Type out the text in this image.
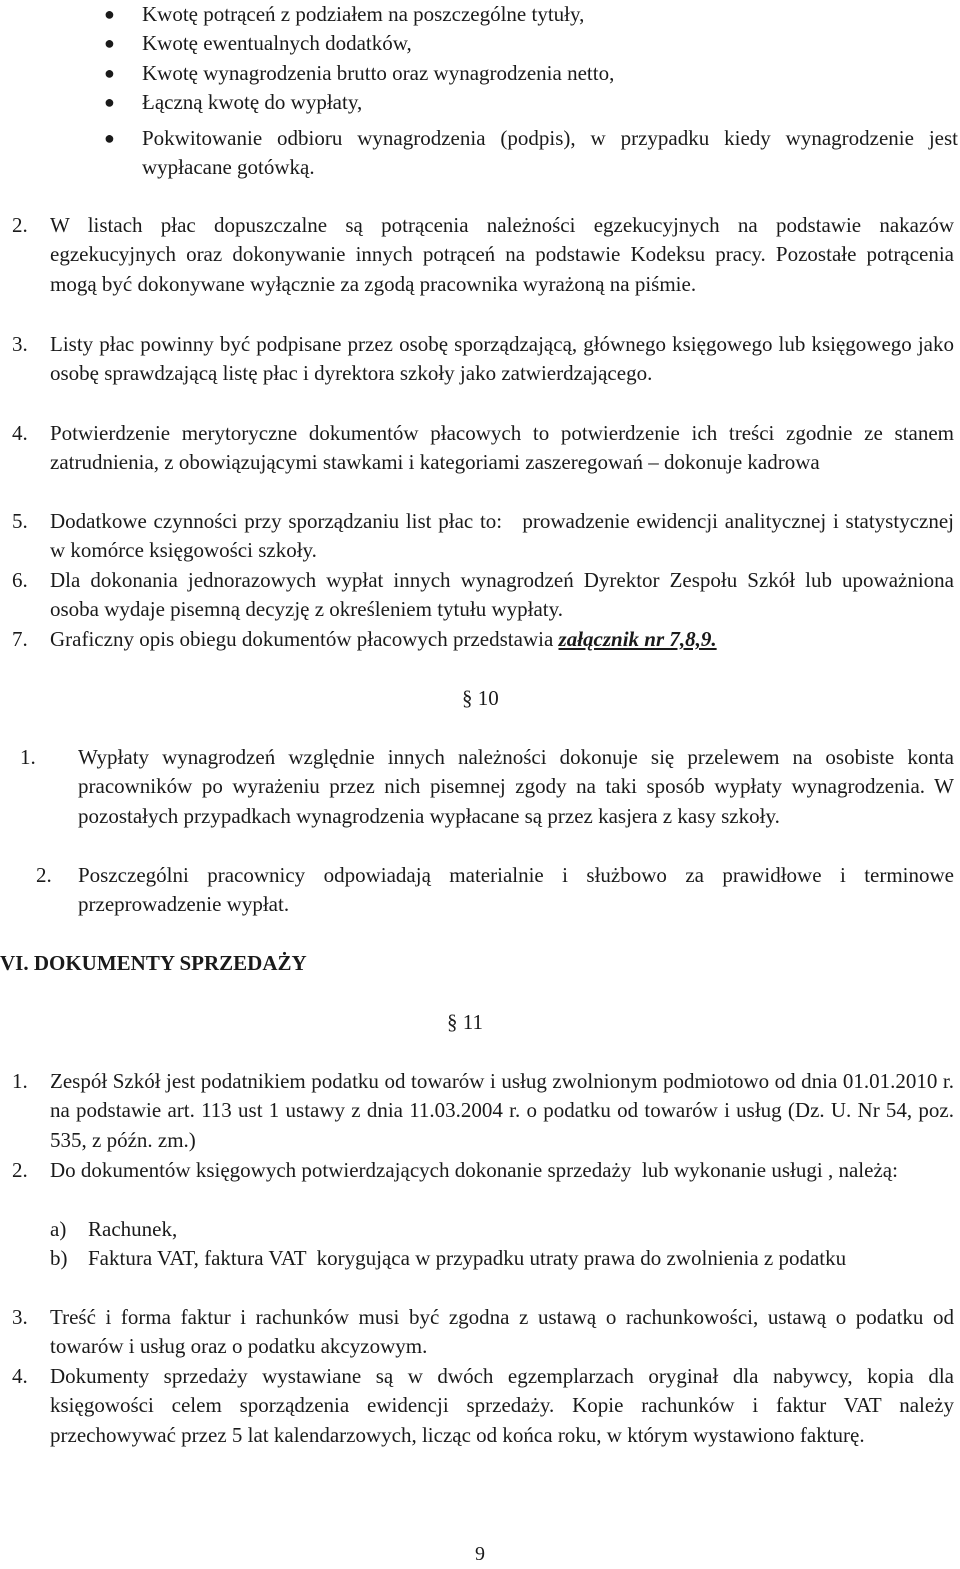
●	Kwotę potrąceń z podziałem na poszczególne tytuły,
●	Kwotę ewentualnych dodatków,
●	Kwotę wynagrodzenia brutto oraz wynagrodzenia netto,
●	Łączną kwotę do wypłaty,
●	Pokwitowanie odbioru wynagrodzenia (podpis), w przypadku kiedy wynagrodzenie jest wypłacane gotówką.
2. W listach płac dopuszczalne są potrącenia należności egzekucyjnych na podstawie nakazów egzekucyjnych oraz dokonywanie innych potrąceń na podstawie Kodeksu pracy. Pozostałe potrącenia mogą być dokonywane wyłącznie za zgodą pracownika wyrażoną na piśmie.
3. Listy płac powinny być podpisane przez osobę sporządzającą, głównego księgowego lub księgowego jako osobę sprawdzającą listę płac i dyrektora szkoły jako zatwierdzającego.
4. Potwierdzenie merytoryczne dokumentów płacowych to potwierdzenie ich treści zgodnie ze stanem zatrudnienia, z obowiązującymi stawkami i kategoriami zaszeregowań – dokonuje kadrowa
5. Dodatkowe czynności przy sporządzaniu list płac to:   prowadzenie ewidencji analitycznej i statystycznej w komórce księgowości szkoły.
6. Dla dokonania jednorazowych wypłat innych wynagrodzeń Dyrektor Zespołu Szkół lub upoważniona osoba wydaje pisemną decyzję z określeniem tytułu wypłaty.
7. Graficzny opis obiegu dokumentów płacowych przedstawia załącznik nr 7,8,9.
§ 10
1. Wypłaty wynagrodzeń względnie innych należności dokonuje się przelewem na osobiste konta pracowników po wyrażeniu przez nich pisemnej zgody na taki sposób wypłaty wynagrodzenia. W pozostałych przypadkach wynagrodzenia wypłacane są przez kasjera z kasy szkoły.
2. Poszczególni pracownicy odpowiadają materialnie i służbowo za prawidłowe i terminowe przeprowadzenie wypłat.
VI. DOKUMENTY SPRZEDAŻY
§ 11
1. Zespół Szkół jest podatnikiem podatku od towarów i usług zwolnionym podmiotowo od dnia 01.01.2010 r. na podstawie art. 113 ust 1 ustawy z dnia 11.03.2004 r. o podatku od towarów i usług (Dz. U. Nr 54, poz. 535, z późn. zm.)
2. Do dokumentów księgowych potwierdzających dokonanie sprzedaży  lub wykonanie usługi , należą:
a) Rachunek,
b) Faktura VAT, faktura VAT  korygująca w przypadku utraty prawa do zwolnienia z podatku
3. Treść i forma faktur i rachunków musi być zgodna z ustawą o rachunkowości, ustawą o podatku od towarów i usług oraz o podatku akcyzowym.
4. Dokumenty sprzedaży wystawiane są w dwóch egzemplarzach oryginał dla nabywcy, kopia dla księgowości celem sporządzenia ewidencji sprzedaży. Kopie rachunków i faktur VAT należy przechowywać przez 5 lat kalendarzowych, licząc od końca roku, w którym wystawiono fakturę.
9
